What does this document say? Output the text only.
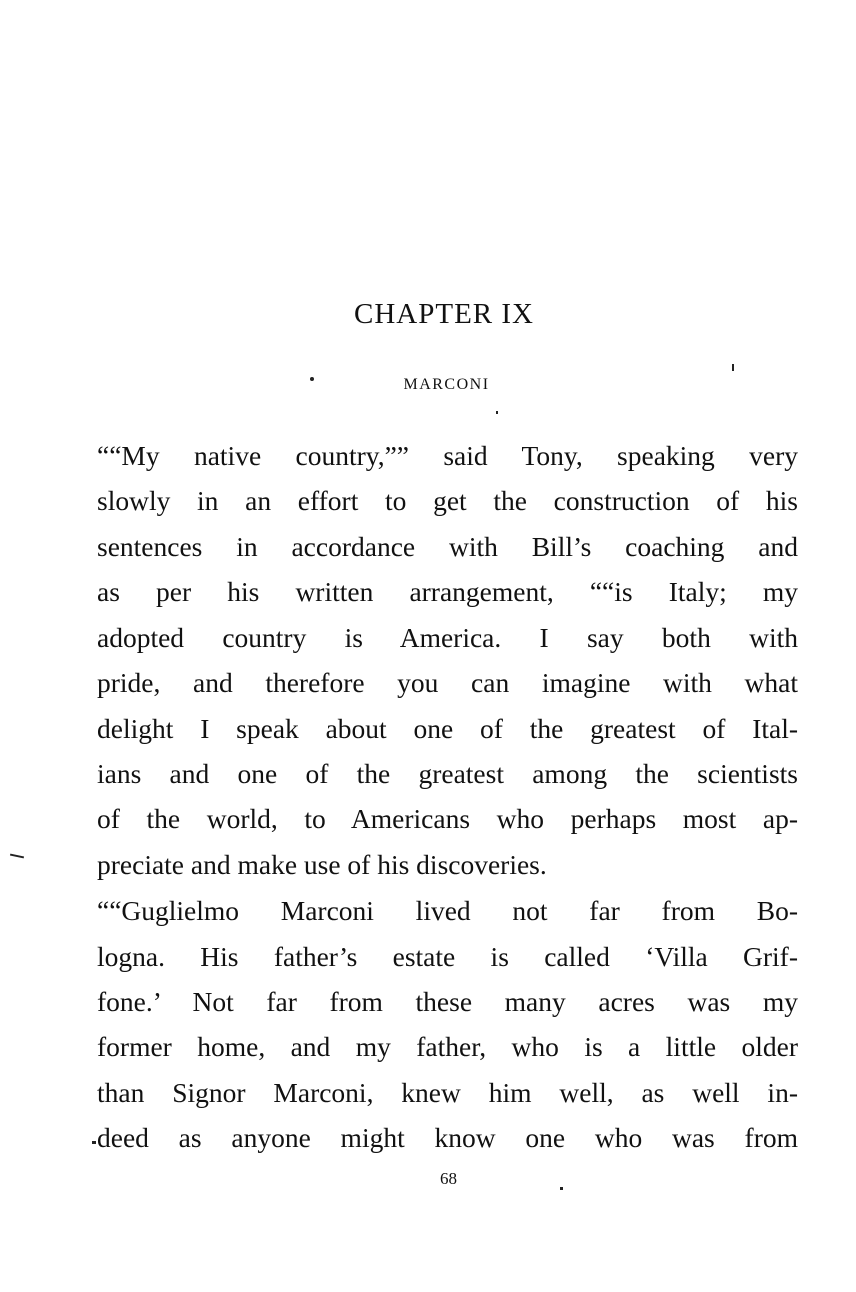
CHAPTER IX
MARCONI
““My native country,”” said Tony, speaking very
slowly in an effort to get the construction of his
sentences in accordance with Bill’s coaching and
as per his written arrangement, ““is Italy; my
adopted country is America. I say both with
pride, and therefore you can imagine with what
delight I speak about one of the greatest of Ital-
ians and one of the greatest among the scientists
of the world, to Americans who perhaps most ap-
preciate and make use of his discoveries.
““Guglielmo Marconi lived not far from Bo-
logna. His father’s estate is called ‘Villa Grif-
fone.’ Not far from these many acres was my
former home, and my father, who is a little older
than Signor Marconi, knew him well, as well in-
deed as anyone might know one who was from
68
